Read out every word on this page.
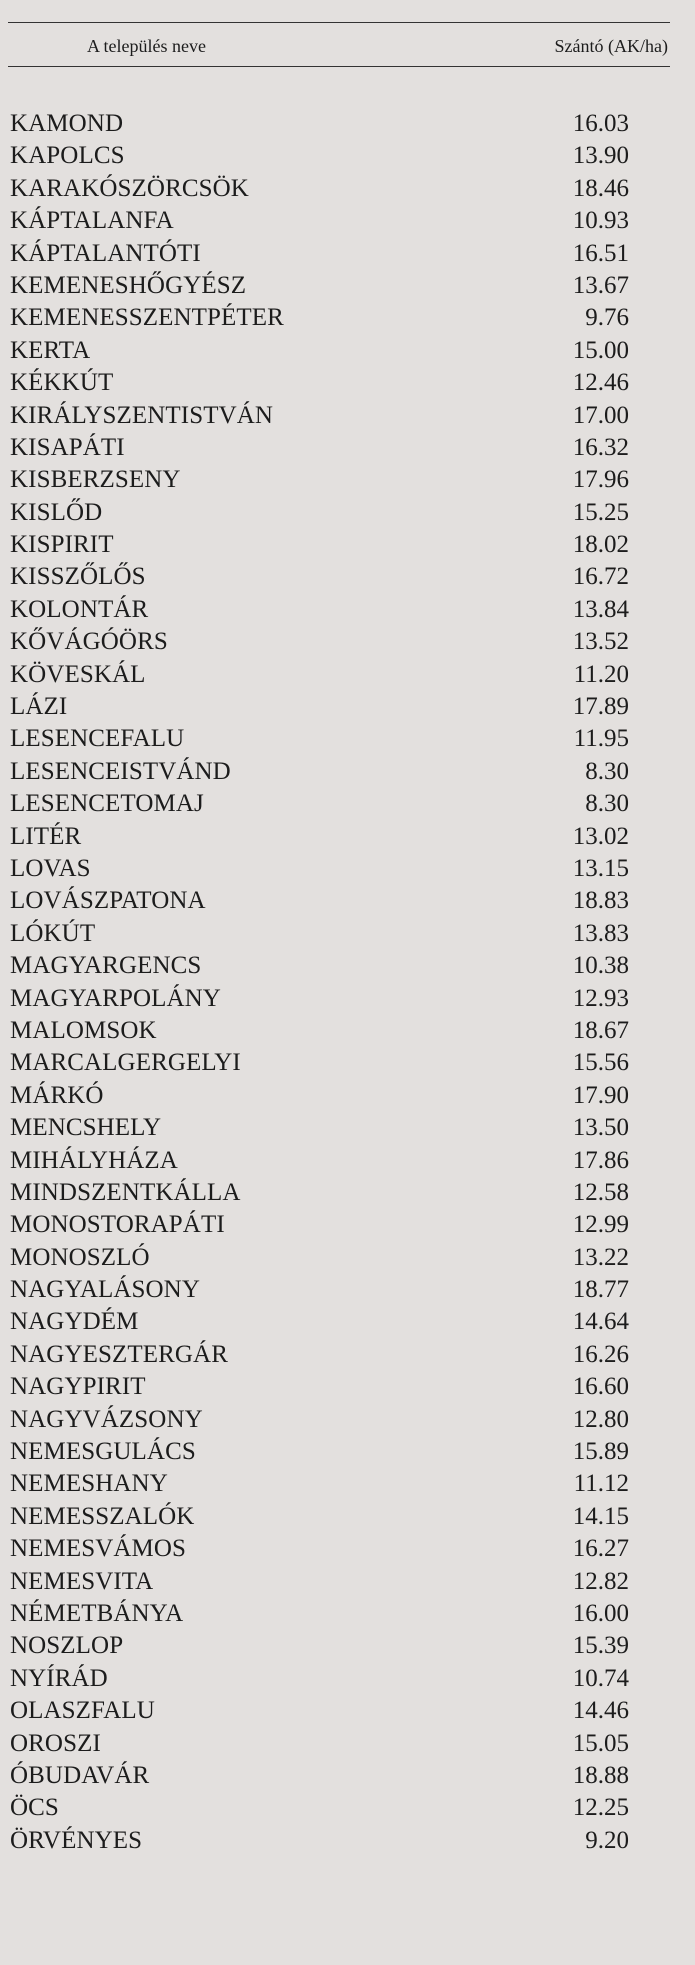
A település neve	Szántó (AK/ha)
KAMOND	16.03
KAPOLCS	13.90
KARAKÓSZÖRCSÖK	18.46
KÁPTALANFA	10.93
KÁPTALANTÓTI	16.51
KEMENESHŐGYÉSZ	13.67
KEMENESSZENTPÉTER	9.76
KERTA	15.00
KÉKKÚT	12.46
KIRÁLYSZENTISTVÁN	17.00
KISAPÁTI	16.32
KISBERZSENY	17.96
KISLŐD	15.25
KISPIRIT	18.02
KISSZŐLŐS	16.72
KOLONTÁR	13.84
KŐVÁGÓÖRS	13.52
KÖVESKÁL	11.20
LÁZI	17.89
LESENCEFALU	11.95
LESENCEISTVÁND	8.30
LESENCETOMAJ	8.30
LITÉR	13.02
LOVAS	13.15
LOVÁSZPATONA	18.83
LÓKÚT	13.83
MAGYARGENCS	10.38
MAGYARPOLÁNY	12.93
MALOMSOK	18.67
MARCALGERGELYI	15.56
MÁRKÓ	17.90
MENCSHELY	13.50
MIHÁLYHÁZA	17.86
MINDSZENTKÁLLA	12.58
MONOSTORAPÁTI	12.99
MONOSZLÓ	13.22
NAGYALÁSONY	18.77
NAGYDÉM	14.64
NAGYESZTERGÁR	16.26
NAGYPIRIT	16.60
NAGYVÁZSONY	12.80
NEMESGULÁCS	15.89
NEMESHANY	11.12
NEMESSZALÓK	14.15
NEMESVÁMOS	16.27
NEMESVITA	12.82
NÉMETBÁNYA	16.00
NOSZLOP	15.39
NYÍRÁD	10.74
OLASZFALU	14.46
OROSZI	15.05
ÓBUDAVÁR	18.88
ÖCS	12.25
ÖRVÉNYES	9.20
